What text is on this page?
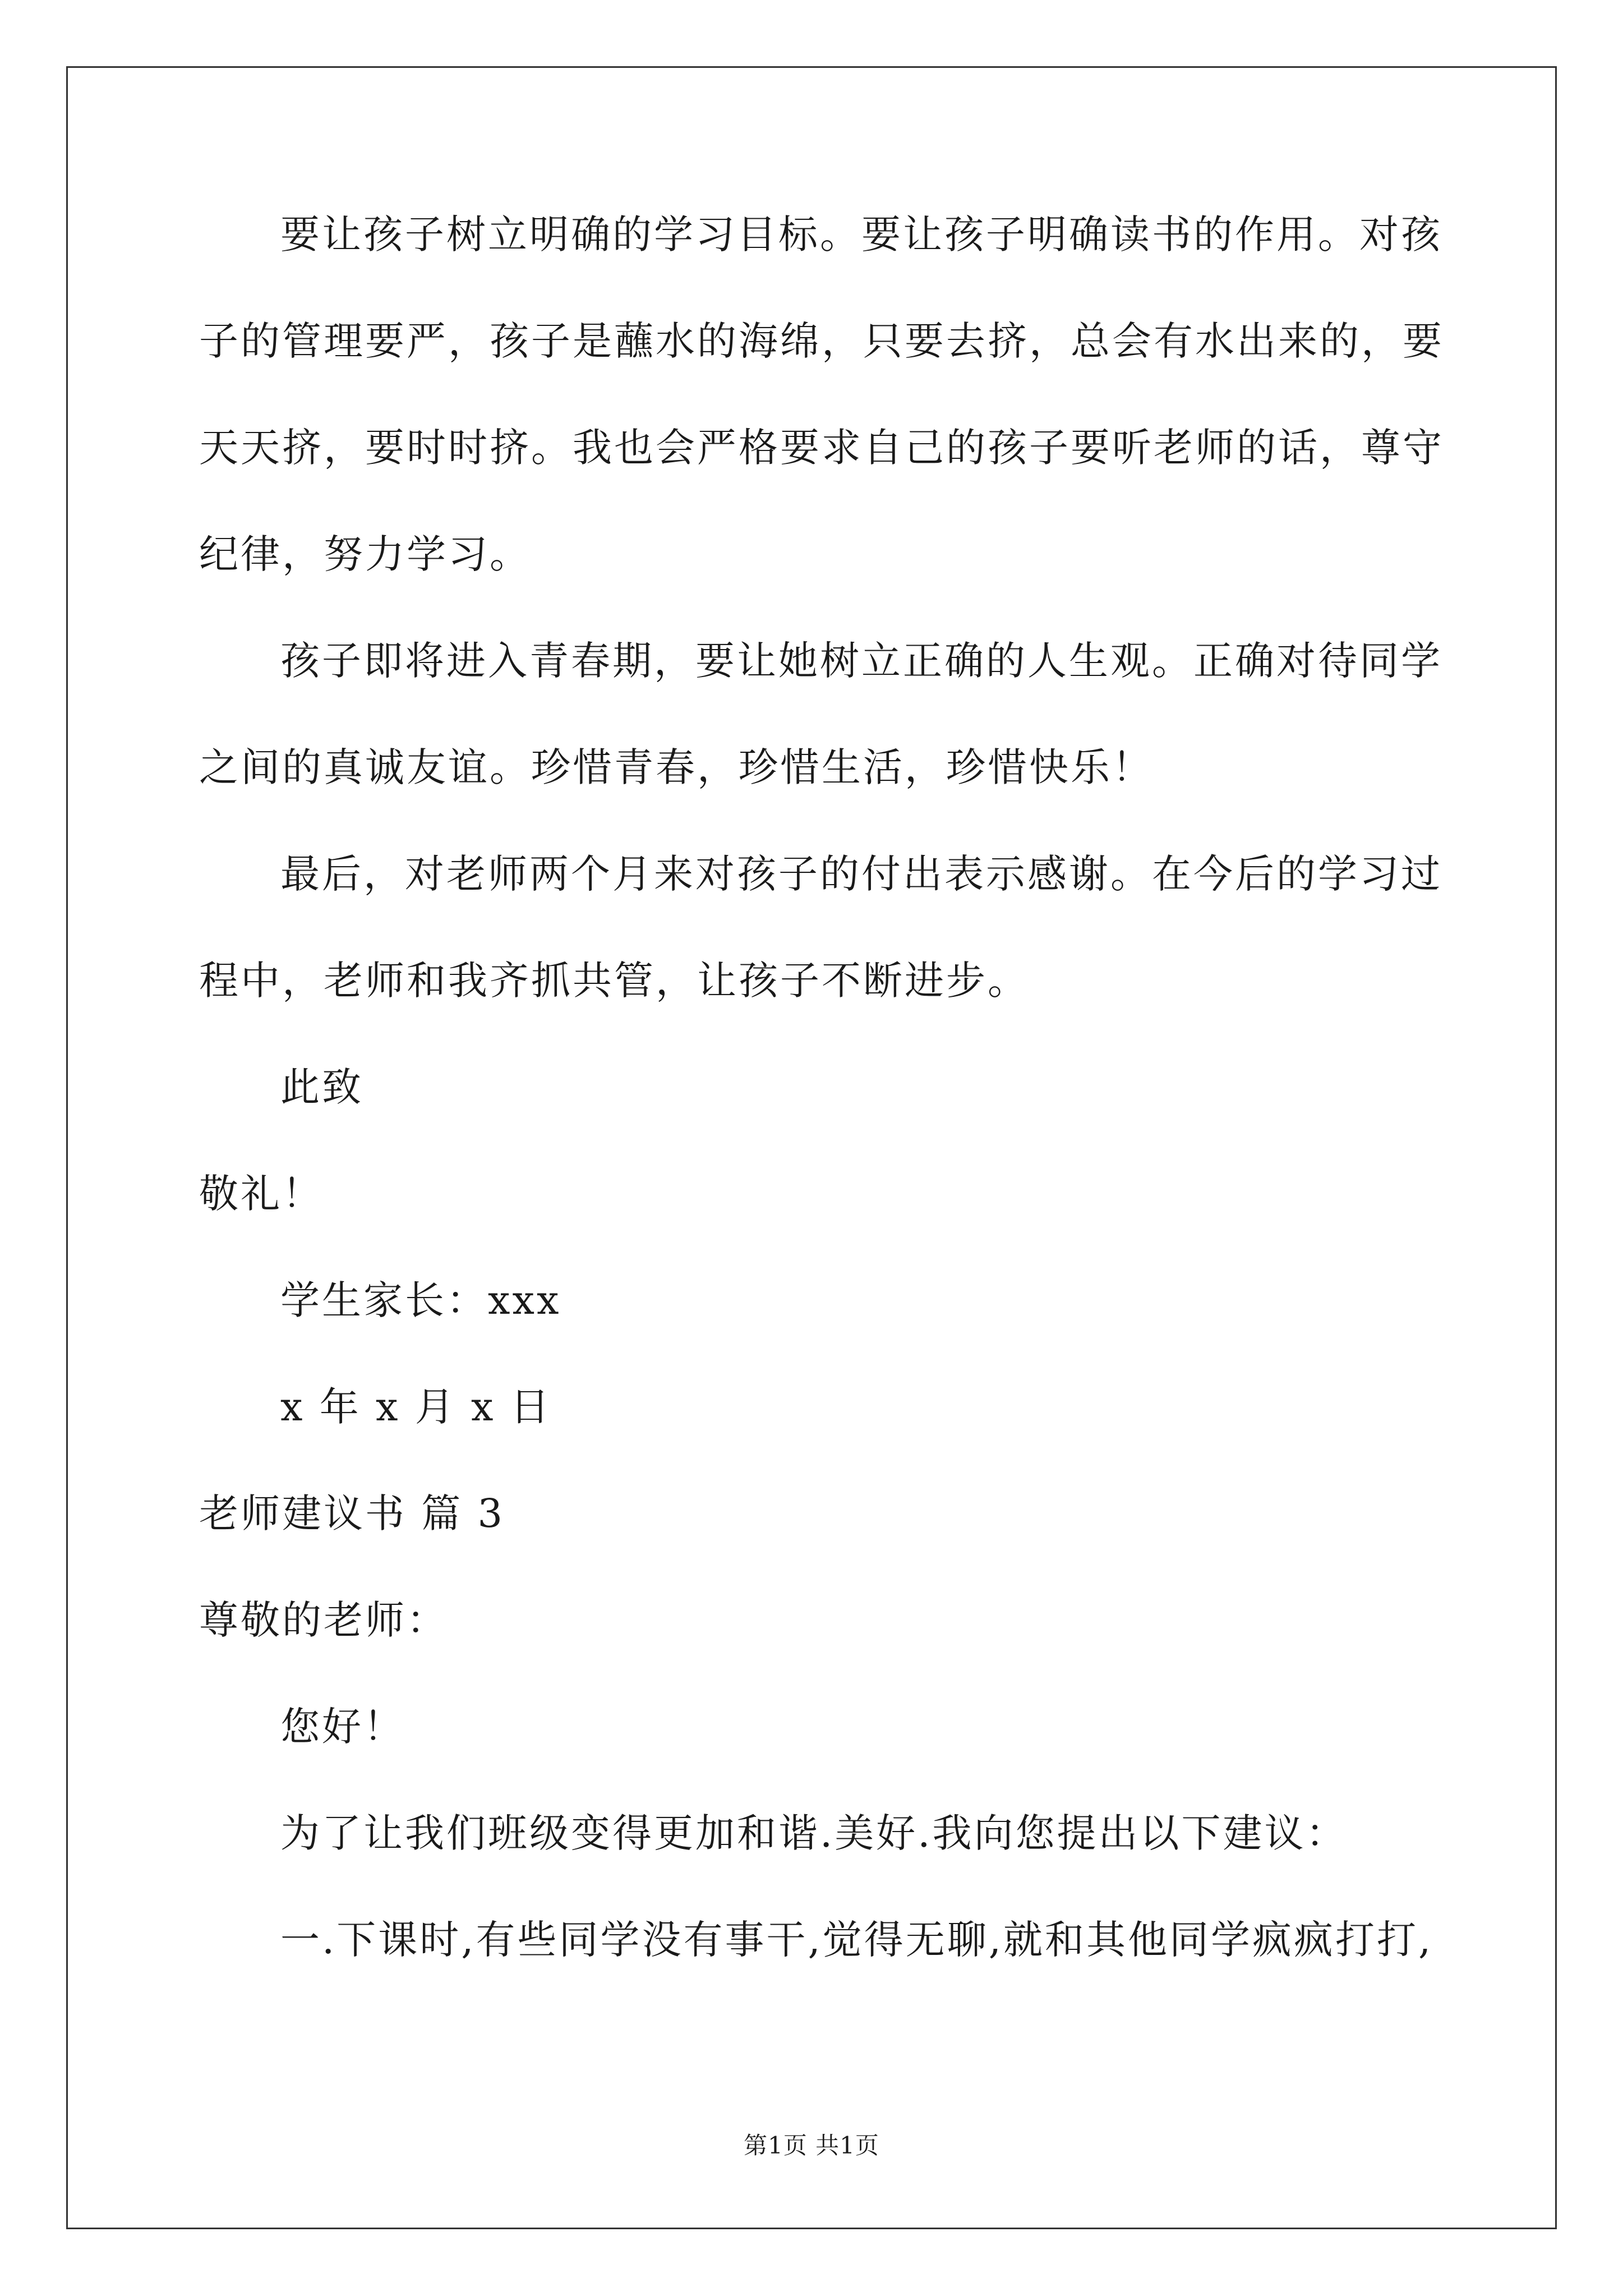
要让孩子树立明确的学习目标。要让孩子明确读书的作用。对孩
子的管理要严，孩子是蘸水的海绵，只要去挤，总会有水出来的，要
天天挤，要时时挤。我也会严格要求自己的孩子要听老师的话，尊守
纪律，努力学习。
孩子即将进入青春期，要让她树立正确的人生观。正确对待同学
之间的真诚友谊。珍惜青春，珍惜生活，珍惜快乐！
最后，对老师两个月来对孩子的付出表示感谢。在今后的学习过
程中，老师和我齐抓共管，让孩子不断进步。
此致
敬礼！
学生家长：xxx
x 年 x 月 x 日
老师建议书 篇 3
尊敬的老师：
您好！
为了让我们班级变得更加和谐.美好.我向您提出以下建议：
一.下课时,有些同学没有事干,觉得无聊,就和其他同学疯疯打打,
第1页 共1页
